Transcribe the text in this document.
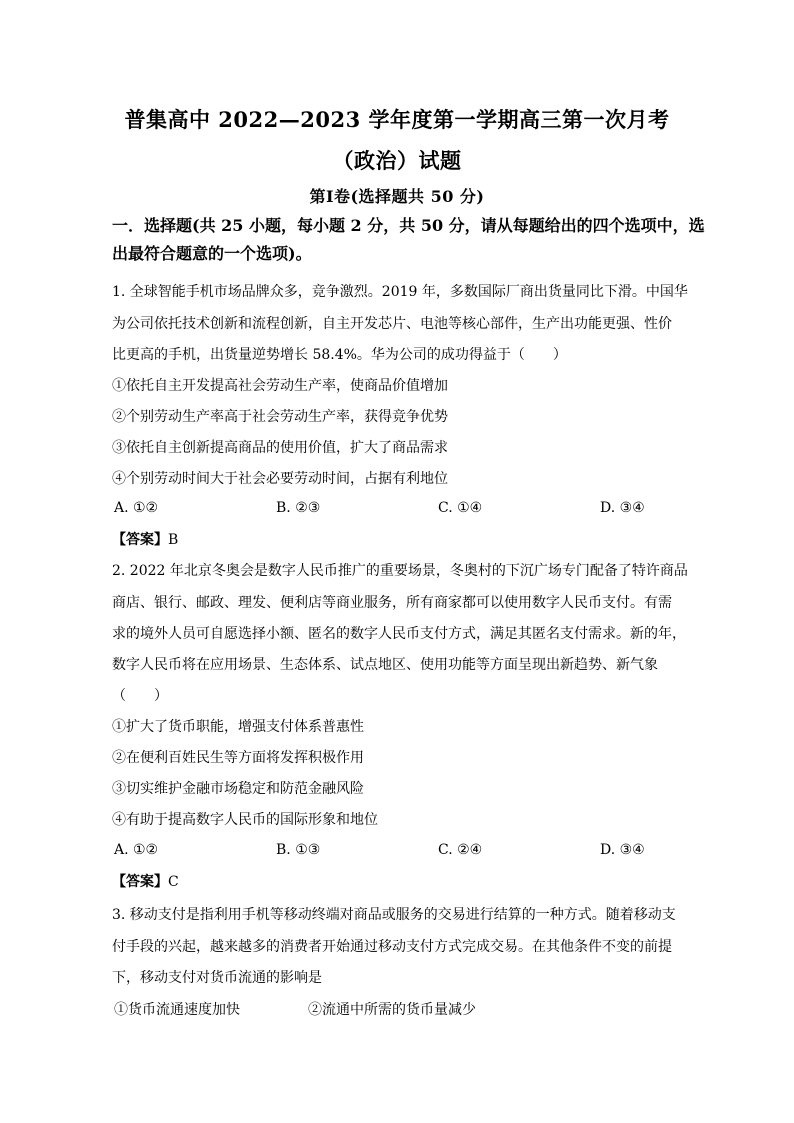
普集高中 2022—2023 学年度第一学期高三第一次月考
（政治）试题
第Ⅰ卷(选择题共 50 分)
一．选择题(共 25 小题，每小题 2 分，共 50 分，请从每题给出的四个选项中，选
出最符合题意的一个选项)。
1. 全球智能手机市场品牌众多，竞争激烈。2019 年，多数国际厂商出货量同比下滑。中国华
为公司依托技术创新和流程创新，自主开发芯片、电池等核心部件，生产出功能更强、性价
比更高的手机，出货量逆势增长 58.4%。华为公司的成功得益于（　　）
①依托自主开发提高社会劳动生产率，使商品价值增加
②个别劳动生产率高于社会劳动生产率，获得竞争优势
③依托自主创新提高商品的使用价值，扩大了商品需求
④个别劳动时间大于社会必要劳动时间，占据有利地位
A. ①②	B. ②③	C. ①④	D. ③④
【答案】B
2. 2022 年北京冬奥会是数字人民币推广的重要场景，冬奥村的下沉广场专门配备了特许商品
商店、银行、邮政、理发、便利店等商业服务，所有商家都可以使用数字人民币支付。有需
求的境外人员可自愿选择小额、匿名的数字人民币支付方式，满足其匿名支付需求。新的年，
数字人民币将在应用场景、生态体系、试点地区、使用功能等方面呈现出新趋势、新气象
（　　）
①扩大了货币职能，增强支付体系普惠性
②在便利百姓民生等方面将发挥积极作用
③切实维护金融市场稳定和防范金融风险
④有助于提高数字人民币的国际形象和地位
A. ①②	B. ①③	C. ②④	D. ③④
【答案】C
3. 移动支付是指利用手机等移动终端对商品或服务的交易进行结算的一种方式。随着移动支
付手段的兴起，越来越多的消费者开始通过移动支付方式完成交易。在其他条件不变的前提
下，移动支付对货币流通的影响是
①货币流通速度加快	②流通中所需的货币量减少
